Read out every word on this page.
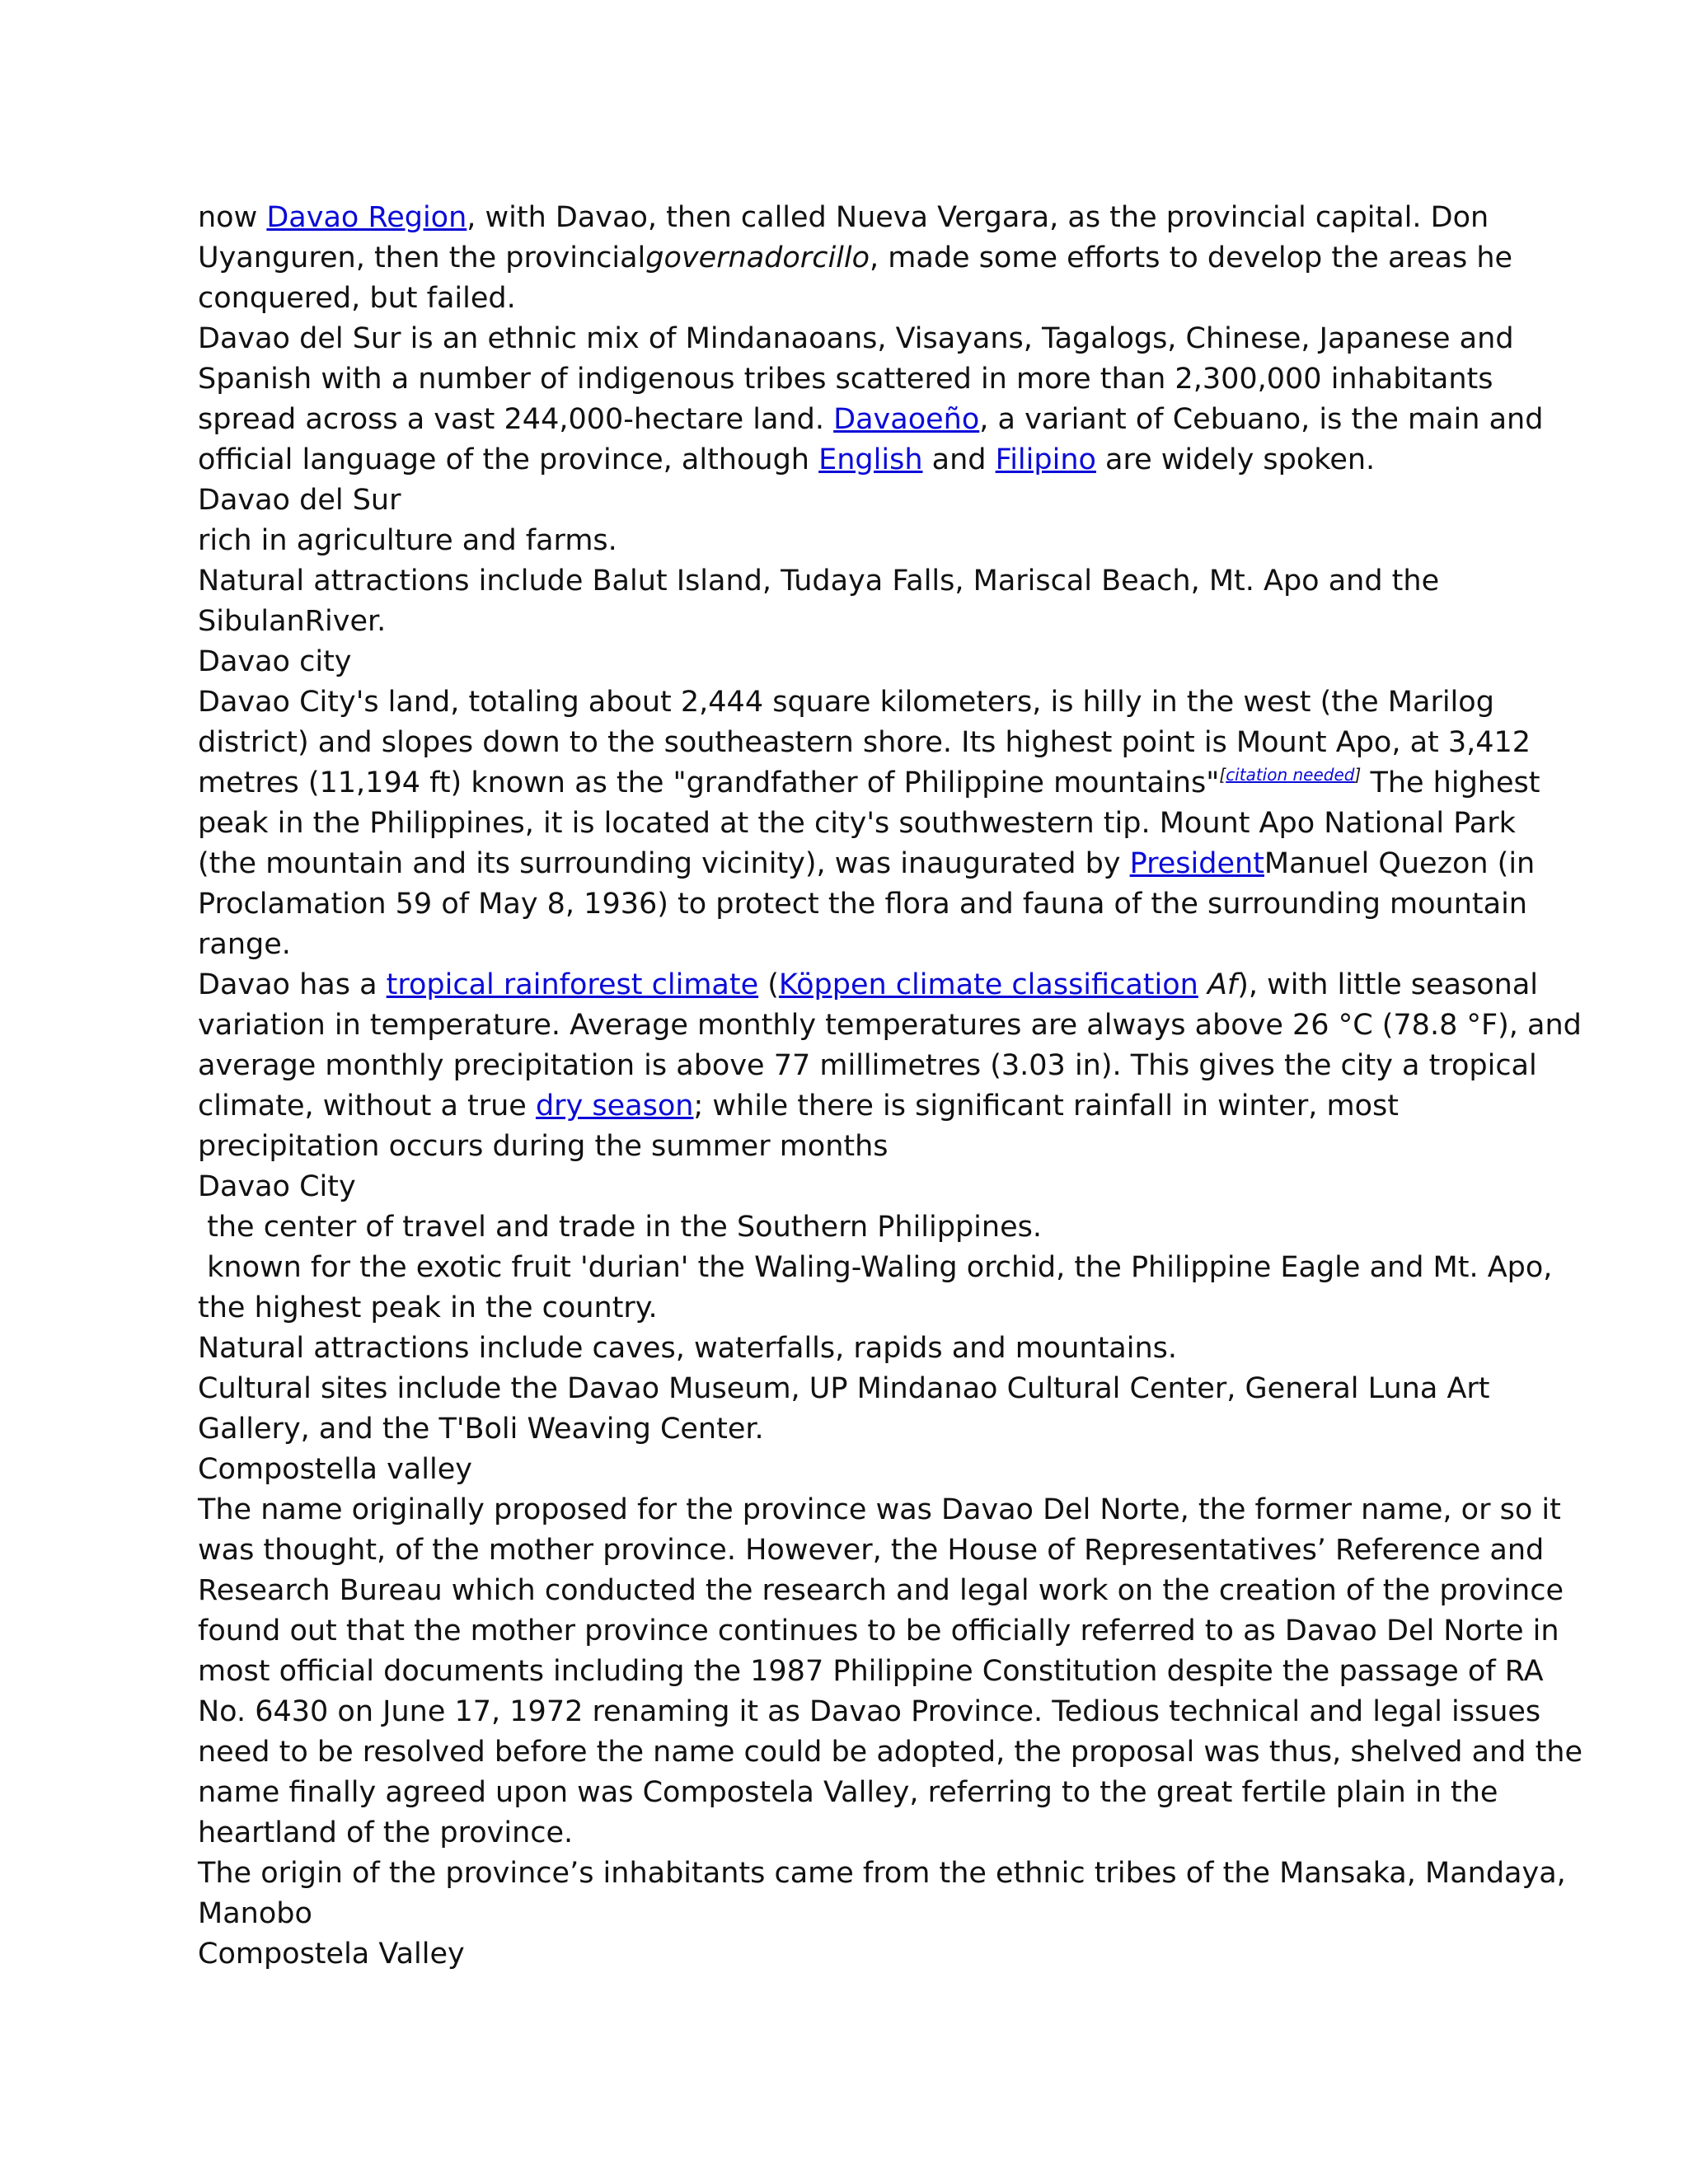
now Davao Region, with Davao, then called Nueva Vergara, as the provincial capital. Don
Uyanguren, then the provincialgovernadorcillo, made some efforts to develop the areas he
conquered, but failed.
Davao del Sur is an ethnic mix of Mindanaoans, Visayans, Tagalogs, Chinese, Japanese and
Spanish with a number of indigenous tribes scattered in more than 2,300,000 inhabitants
spread across a vast 244,000-hectare land. Davaoeño, a variant of Cebuano, is the main and
official language of the province, although English and Filipino are widely spoken.
Davao del Sur
rich in agriculture and farms.
Natural attractions include Balut Island, Tudaya Falls, Mariscal Beach, Mt. Apo and the
SibulanRiver.
Davao city
Davao City's land, totaling about 2,444 square kilometers, is hilly in the west (the Marilog
district) and slopes down to the southeastern shore. Its highest point is Mount Apo, at 3,412
metres (11,194 ft) known as the "grandfather of Philippine mountains"[citation needed] The highest
peak in the Philippines, it is located at the city's southwestern tip. Mount Apo National Park
(the mountain and its surrounding vicinity), was inaugurated by PresidentManuel Quezon (in
Proclamation 59 of May 8, 1936) to protect the flora and fauna of the surrounding mountain
range.
Davao has a tropical rainforest climate (Köppen climate classification Af), with little seasonal
variation in temperature. Average monthly temperatures are always above 26 °C (78.8 °F), and
average monthly precipitation is above 77 millimetres (3.03 in). This gives the city a tropical
climate, without a true dry season; while there is significant rainfall in winter, most
precipitation occurs during the summer months
Davao City
the center of travel and trade in the Southern Philippines.
known for the exotic fruit 'durian' the Waling-Waling orchid, the Philippine Eagle and Mt. Apo,
the highest peak in the country.
Natural attractions include caves, waterfalls, rapids and mountains.
Cultural sites include the Davao Museum, UP Mindanao Cultural Center, General Luna Art
Gallery, and the T'Boli Weaving Center.
Compostella valley
The name originally proposed for the province was Davao Del Norte, the former name, or so it
was thought, of the mother province. However, the House of Representatives’ Reference and
Research Bureau which conducted the research and legal work on the creation of the province
found out that the mother province continues to be officially referred to as Davao Del Norte in
most official documents including the 1987 Philippine Constitution despite the passage of RA
No. 6430 on June 17, 1972 renaming it as Davao Province. Tedious technical and legal issues
need to be resolved before the name could be adopted, the proposal was thus, shelved and the
name finally agreed upon was Compostela Valley, referring to the great fertile plain in the
heartland of the province.
The origin of the province’s inhabitants came from the ethnic tribes of the Mansaka, Mandaya,
Manobo
Compostela Valley
